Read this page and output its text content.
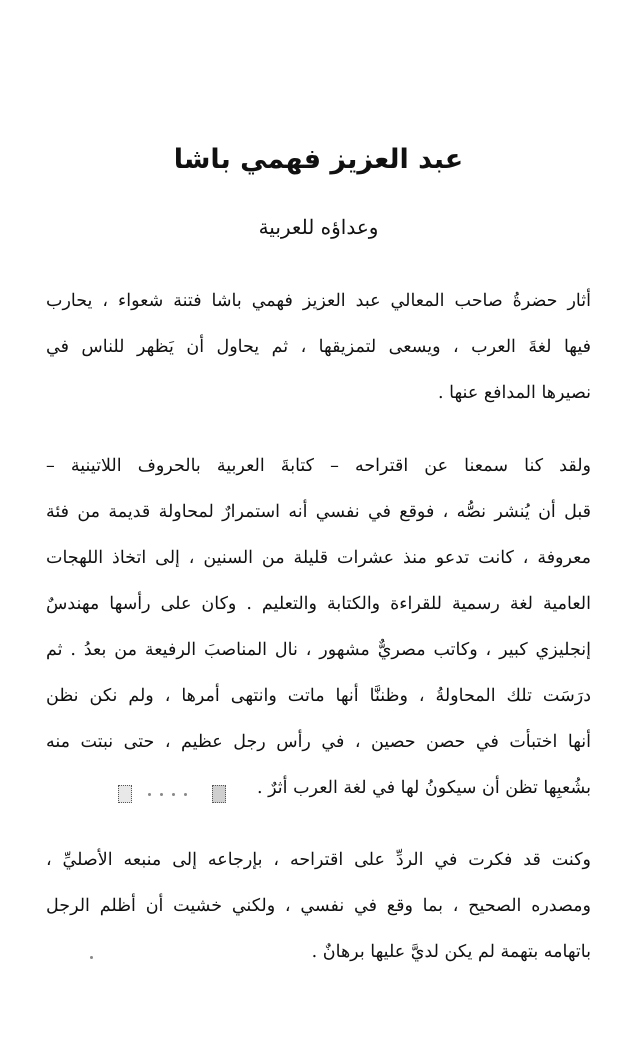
عبد العزيز فهمي باشا
وعداؤه للعربية
أثار حضرةُ صاحب المعالي عبد العزيز فهمي باشا فتنة شعواء ، يحارب
فيها لغةَ العرب ، ويسعى لتمزيقها ، ثم يحاول أن يَظهر للناس في
نصيرها المدافع عنها .
ولقد كنا سمعنا عن اقتراحه – كتابةَ العربية بالحروف اللاتينية –
قبل أن يُنشر نصُّه ، فوقع في نفسي أنه استمرارٌ لمحاولة قديمة من فئة
معروفة ، كانت تدعو منذ عشرات قليلة من السنين ، إلى اتخاذ اللهجات
العامية لغة رسمية للقراءة والكتابة والتعليم . وكان على رأسها مهندسٌ
إنجليزي كبير ، وكاتب مصريٌّ مشهور ، نال المناصبَ الرفيعة من بعدُ . ثم
درَسَت تلك المحاولةُ ، وظننَّا أنها ماتت وانتهى أمرها ، ولم نكن نظن
أنها اختبأت في حصن حصين ، في رأس رجل عظيم ، حتى نبتت منه
بشُعبِها تظن أن سيكونُ لها في لغة العرب أثرٌ .
وكنت قد فكرت في الردِّ على اقتراحه ، بإرجاعه إلى منبعه الأصليِّ ،
ومصدره الصحيح ، بما وقع في نفسي ، ولكني خشيت أن أظلم الرجل
باتهامه بتهمة لم يكن لديَّ عليها برهانٌ .
